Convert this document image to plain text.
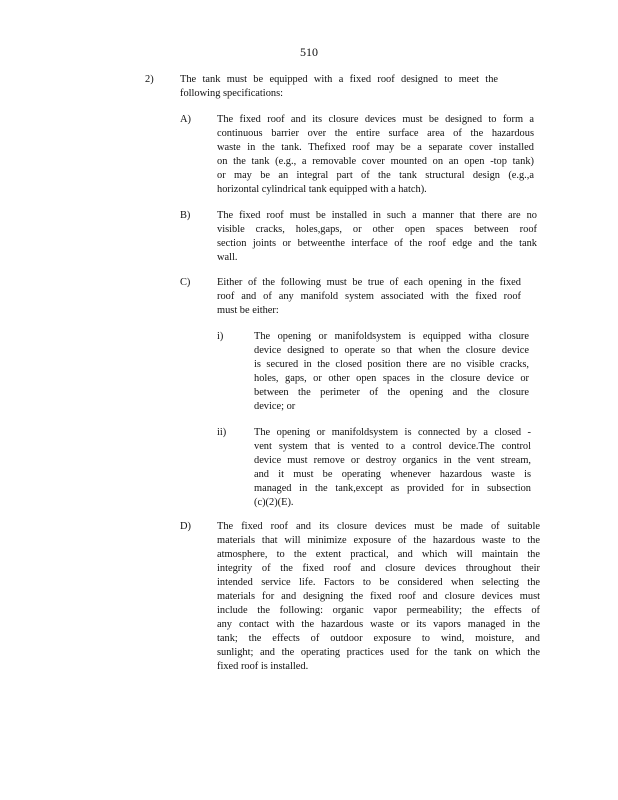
510
2)	The tank must be equipped with a fixed roof designed to meet the
following specifications:
A)	The fixed roof and its closure devices must be designed to form a
continuous barrier over the entire surface area of the hazardous
waste in the tank. Thefixed roof may be a separate cover installed
on the tank (e.g., a removable cover mounted on an open -top tank)
or may be an integral part of the tank structural design (e.g.,a
horizontal cylindrical tank equipped with a hatch).
B)	The fixed roof must be installed in such a manner that there are no
visible cracks, holes,gaps, or other open spaces between roof
section joints or betweenthe interface of the roof edge and the tank
wall.
C)	Either of the following must be true of each opening in the fixed
roof and of any manifold system associated with the fixed roof
must be either:
i)	The opening or manifoldsystem is equipped witha closure
device designed to operate so that when the closure device
is secured in the closed position there are no visible cracks,
holes, gaps, or other open spaces in the closure device or
between the perimeter of the opening and the closure
device; or
ii)	The opening or manifoldsystem is connected by a closed -
vent system that is vented to a control device.The control
device must remove or destroy organics in the vent stream,
and it must be operating whenever hazardous waste is
managed in the tank,except as provided for in subsection
(c)(2)(E).
D)	The fixed roof and its closure devices must be made of suitable
materials that will minimize exposure of the hazardous waste to the
atmosphere, to the extent practical, and which will maintain the
integrity of the fixed roof and closure devices throughout their
intended service life. Factors to be considered when selecting the
materials for and designing the fixed roof and closure devices must
include the following: organic vapor permeability; the effects of
any contact with the hazardous waste or its vapors managed in the
tank; the effects of outdoor exposure to wind, moisture, and
sunlight; and the operating practices used for the tank on which the
fixed roof is installed.
